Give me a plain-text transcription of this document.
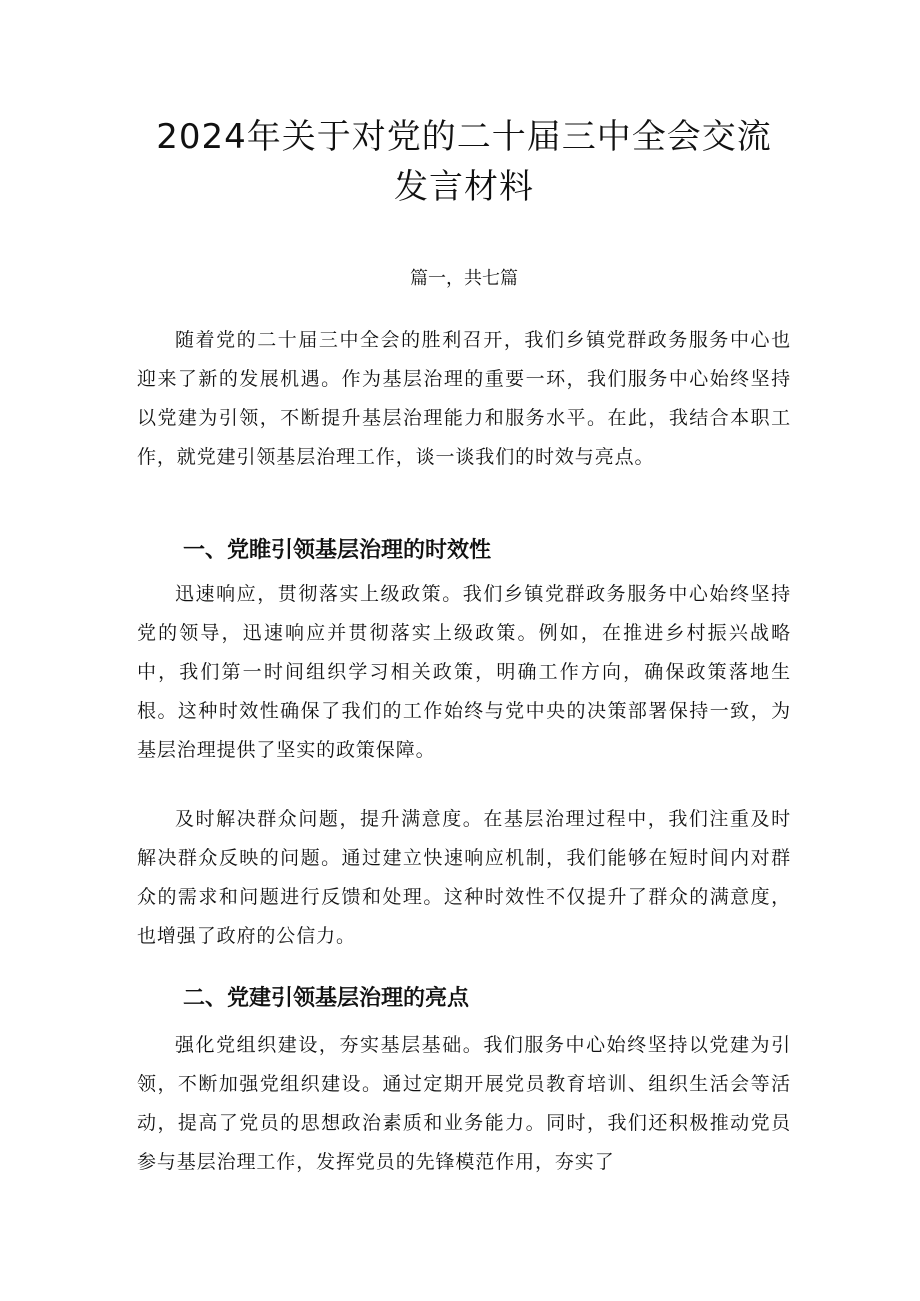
2024年关于对党的二十届三中全会交流发言材料
篇一，共七篇

随着党的二十届三中全会的胜利召开，我们乡镇党群政务服务中心也迎来了新的发展机遇。作为基层治理的重要一环，我们服务中心始终坚持以党建为引领，不断提升基层治理能力和服务水平。在此，我结合本职工作，就党建引领基层治理工作，谈一谈我们的时效与亮点。

一、党睢引领基层治理的时效性

迅速响应，贯彻落实上级政策。我们乡镇党群政务服务中心始终坚持党的领导，迅速响应并贯彻落实上级政策。例如，在推进乡村振兴战略中，我们第一时间组织学习相关政策，明确工作方向，确保政策落地生根。这种时效性确保了我们的工作始终与党中央的决策部署保持一致，为基层治理提供了坚实的政策保障。

及时解决群众问题，提升满意度。在基层治理过程中，我们注重及时解决群众反映的问题。通过建立快速响应机制，我们能够在短时间内对群众的需求和问题进行反馈和处理。这种时效性不仅提升了群众的满意度，也增强了政府的公信力。

二、党建引领基层治理的亮点

强化党组织建设，夯实基层基础。我们服务中心始终坚持以党建为引领，不断加强党组织建设。通过定期开展党员教育培训、组织生活会等活动，提高了党员的思想政治素质和业务能力。同时，我们还积极推动党员参与基层治理工作，发挥党员的先锋模范作用，夯实了
